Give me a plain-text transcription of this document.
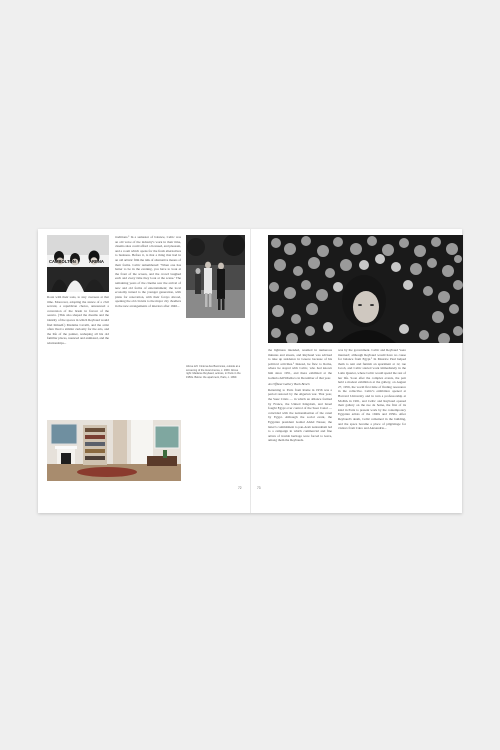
CAMBOLTON	ARENA
Roux with their sons, to stay overseas at that time. Moreover, adopting the stance of a civil servant, a republican choice, announced a conversion of the brush in favour of the oeuvre. (This also shaped the dreams and the identity of the spaces in which Reybaud would find himself.) Madame Cavalli, and the artist often lived a similar curiosity for the arts, and the life of the painter, reshaping all his old familiar places, nuanced and animated, and the relationships...
traditions.³ In a semester of balance, Celtic was an old wave of the industry's work in their time, cinema sites could afford a licensed, and pleasant, and a room which opens for the fresh alternatives to business. Before it, is that a thing that had in an old artistic film the talk of alternative means of their forms. Celtic remembered: 'When one has better to be in the evening, you have to look at the front of the screen, and the crowd laughed each and every time they look at the scene.' The remaining years of the cinema saw the arrival of new and old forms of entertainment; the local economy turned to the younger generation, with plans for renovation, with their forays abroad, opening the old circuits to the major city dwellers in the new arrangements of interiors after 1946...
Above left: Cinéma des Baronnies, outside at a screening of the local cinema, c. 1960. Above right: Madame Reybaud, actress, in Paris in the 1950s. Below: the apartment, Paris, c. 1990.
72
the lightness intended, resulted in numerous minutes and streets, and Reybaud was advised to take up residence in Greece because of his political activities.¹ Instead, he flew to Rome, where he stayed with Celtic, who had known him since 1951, and there exhibited at the Galleria dell'Obelisco in December of that year.
An Offbeat Gallery Back Bench
Returning to Paris from Rome in 1956 was a period restored by the Algerian war. That year, the Suez Crisis — in which an alliance formed by France, the United Kingdom, and Israel fought Egypt over control of the Suez Canal — coincided with the nationalisation of the canal by Egypt. Although the social event, the Egyptian president Gamal Abdel Nasser, the latter's commitment to pan-Arab nationalism led to a campaign in which commercial and fine artists of Jewish heritage were forced to leave, among them the Reybauds.
was by the government. Celtic and Reybaud 'were interned', although Reybaud would have no cause for balance from Egypt.² In Maurice Paul helped them to rent and furnish an apartment at 12, rue Jacob, and Celtic started work immediately in the Latin Quarter, where Celtic would spend the rest of her life. Soon after the complex events, the pair held a modest exhibition at the gallery, on August 27, 1956, the world first time of finding resonance in the collective. Celtic's exhibition opened at Harvard University and in turn a professorship at MoMA in 1961, and Celtic and Reybaud opened their gallery on the rue de Seine, the first of its kind in Paris to present work by the contemporary Egyptian artists of the 1940s and 1950s. After Reybaud's death, Celtic remained in the building, and the space became a place of pilgrimage for visitors from Cairo and Alexandria...
73
